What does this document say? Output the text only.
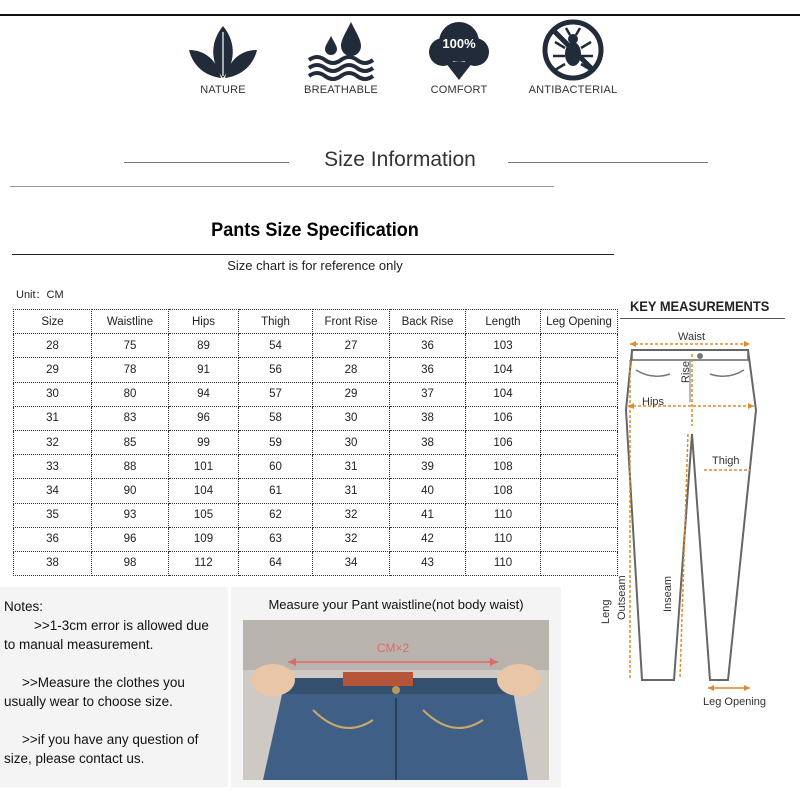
NATURE	BREATHABLE
100%
COMFORT	ANTIBACTERIAL
Size Information
Pants Size Specification
Size chart is for reference only
Unit：CM
Size	Waistline	Hips	Thigh	Front Rise	Back Rise	Length	Leg Opening
28	75	89	54	27	36	103	
29	78	91	56	28	36	104	
30	80	94	57	29	37	104	
31	83	96	58	30	38	106	
32	85	99	59	30	38	106	
33	88	101	60	31	39	108	
34	90	104	61	31	40	108	
35	93	105	62	32	41	110	
36	96	109	63	32	42	110	
38	98	112	64	34	43	110	
Notes:
>>1-3cm error is allowed due
to manual measurement.
>>Measure the clothes you
usually wear to choose size.
>>if you have any question of
size, please contact us.
Measure your Pant waistline(not body waist)
CM×2
KEY MEASUREMENTS
Waist
Rise
Hips
Thigh
Inseam
Outseam
Leng
Leg Opening
